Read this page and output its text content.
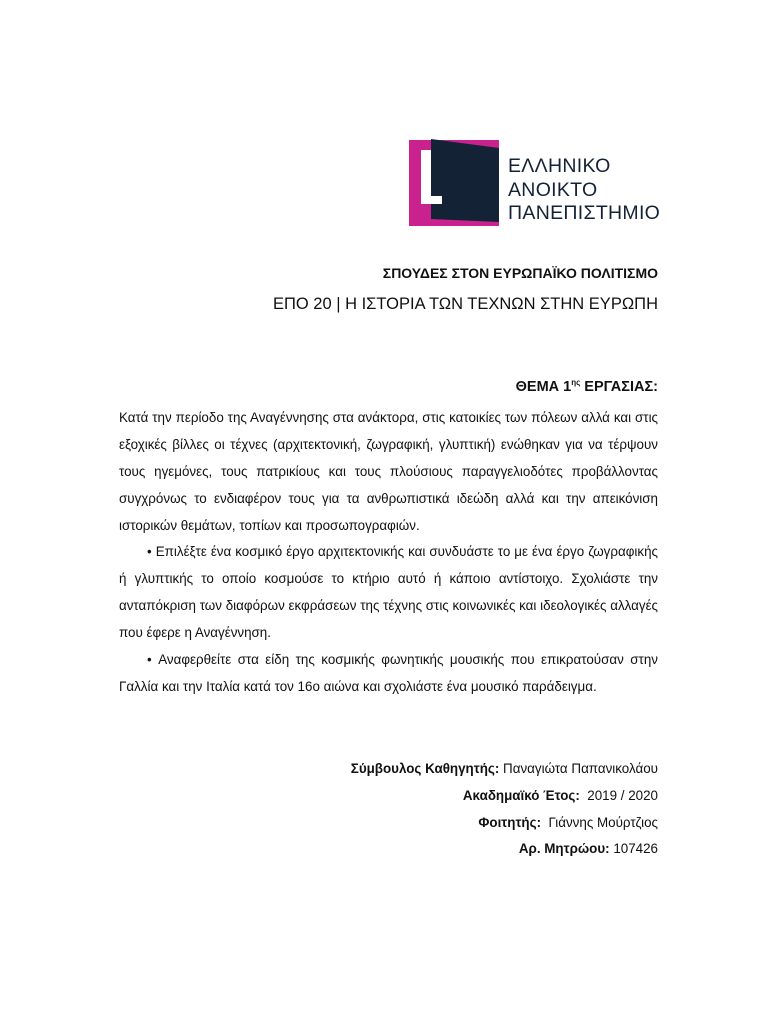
ΕΛΛΗΝΙΚΟ
ΑΝΟΙΚΤΟ
ΠΑΝΕΠΙΣΤΗΜΙΟ
ΣΠΟΥΔΕΣ ΣΤΟΝ ΕΥΡΩΠΑΪΚΟ ΠΟΛΙΤΙΣΜΟ
ΕΠΟ 20 | Η ΙΣΤΟΡΙΑ ΤΩΝ ΤΕΧΝΩΝ ΣΤΗΝ ΕΥΡΩΠΗ
ΘΕΜΑ $1^{\eta\varsigma}$ ΕΡΓΑΣΙΑΣ:

Κατά την περίοδο της Αναγέννησης στα ανάκτορα, στις κατοικίες των πόλεων αλλά και στις εξοχικές βίλλες οι τέχνες (αρχιτεκτονική, ζωγραφική, γλυπτική) ενώθηκαν για να τέρψουν τους ηγεμόνες, τους πατρικίους και τους πλούσιους παραγγελιοδότες προβάλλοντας συγχρόνως το ενδιαφέρον τους για τα ανθρωπιστικά ιδεώδη αλλά και την απεικόνιση ιστορικών θεμάτων, τοπίων και προσωπογραφιών.

• Επιλέξτε ένα κοσμικό έργο αρχιτεκτονικής και συνδυάστε το με ένα έργο ζωγραφικής ή γλυπτικής το οποίο κοσμούσε το κτήριο αυτό ή κάποιο αντίστοιχο. Σχολιάστε την ανταπόκριση των διαφόρων εκφράσεων της τέχνης στις κοινωνικές και ιδεολογικές αλλαγές που έφερε η Αναγέννηση.

• Αναφερθείτε στα είδη της κοσμικής φωνητικής μουσικής που επικρατούσαν στην Γαλλία και την Ιταλία κατά τον 16ο αιώνα και σχολιάστε ένα μουσικό παράδειγμα.

Σύμβουλος Καθηγητής: Παναγιώτα Παπανικολάου
Ακαδημαϊκό Έτος:  2019 / 2020
Φοιτητής:  Γιάννης Μούρτζιος
Αρ. Μητρώου: 107426
